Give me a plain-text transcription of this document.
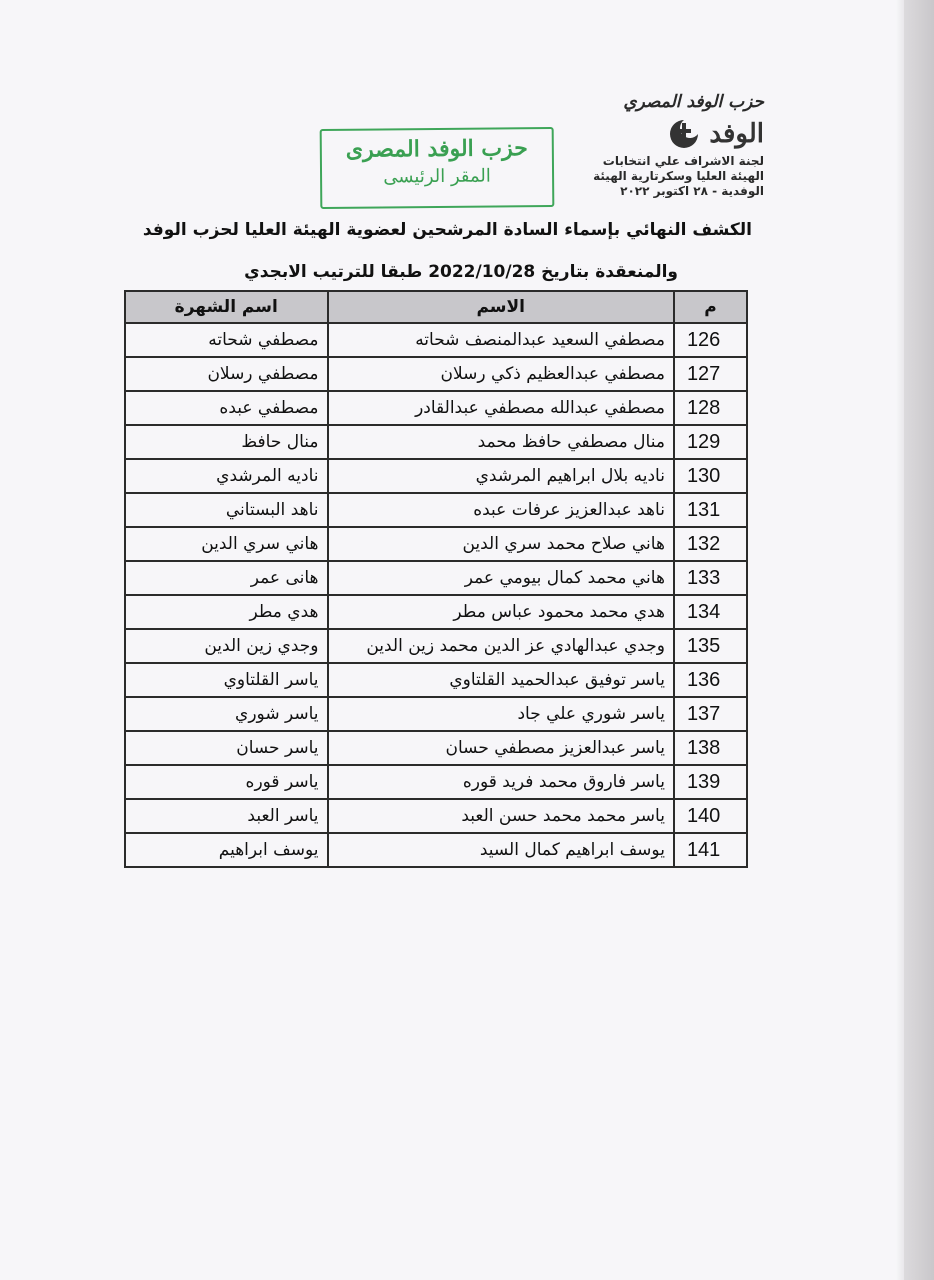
حزب الوفد المصري
الوفد
لجنة الاشراف علي انتخابات
الهيئة العليا وسكرتارية الهيئة
الوفدية - ٢٨ اكتوبر ٢٠٢٢
حزب الوفد المصرى
المقر الرئيسى
الكشف النهائي بإسماء السادة المرشحين لعضوية الهيئة العليا لحزب الوفد
والمنعقدة بتاريخ 2022/10/28 طبقا للترتيب الابجدي
م	الاسم	اسم الشهرة
126	مصطفي السعيد عبدالمنصف شحاته	مصطفي شحاته
127	مصطفي عبدالعظيم ذكي رسلان	مصطفي رسلان
128	مصطفي عبدالله مصطفي عبدالقادر	مصطفي عبده
129	منال مصطفي حافظ محمد	منال حافظ
130	ناديه بلال ابراهيم المرشدي	ناديه المرشدي
131	ناهد عبدالعزيز عرفات عبده	ناهد البستاني
132	هاني صلاح محمد سري الدين	هاني سري الدين
133	هاني محمد كمال بيومي عمر	هانى عمر
134	هدي محمد محمود عباس مطر	هدي مطر
135	وجدي عبدالهادي عز الدين محمد زين الدين	وجدي زين الدين
136	ياسر توفيق عبدالحميد القلتاوي	ياسر القلتاوي
137	ياسر شوري علي جاد	ياسر شوري
138	ياسر عبدالعزيز مصطفي حسان	ياسر حسان
139	ياسر فاروق محمد فريد قوره	ياسر قوره
140	ياسر محمد محمد حسن العبد	ياسر العبد
141	يوسف ابراهيم كمال السيد	يوسف ابراهيم
